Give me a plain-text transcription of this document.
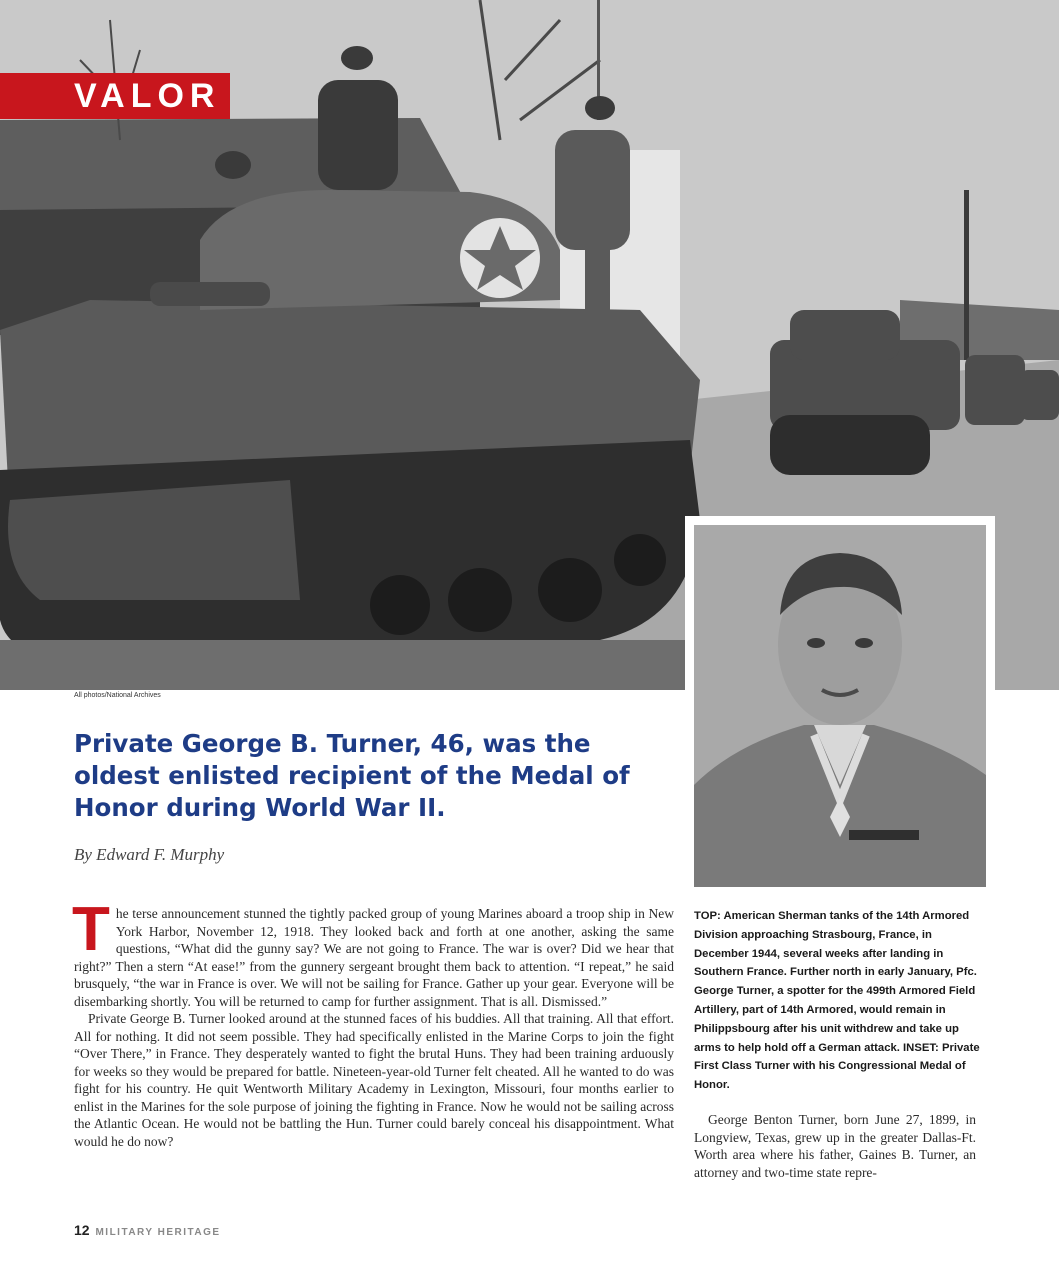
VALOR
All photos/National Archives
Private George B. Turner, 46, was the oldest enlisted recipient of the Medal of Honor during World War II.
By Edward F. Murphy

The terse announcement stunned the tightly packed group of young Marines aboard a troop ship in New York Harbor, November 12, 1918. They looked back and forth at one another, asking the same questions, “What did the gunny say? We are not going to France. The war is over? Did we hear that right?” Then a stern “At ease!” from the gunnery sergeant brought them back to attention. “I repeat,” he said brusquely, “the war in France is over. We will not be sailing for France. Gather up your gear. Everyone will be disembarking shortly. You will be returned to camp for further assignment. That is all. Dismissed.”

Private George B. Turner looked around at the stunned faces of his buddies. All that training. All that effort. All for nothing. It did not seem possible. They had specifically enlisted in the Marine Corps to join the fight “Over There,” in France. They desperately wanted to fight the brutal Huns. They had been training arduously for weeks so they would be prepared for battle. Nineteen-year-old Turner felt cheated. All he wanted to do was fight for his country. He quit Wentworth Military Academy in Lexington, Missouri, four months earlier to enlist in the Marines for the sole purpose of joining the fighting in France. Now he would not be sailing across the Atlantic Ocean. He would not be battling the Hun. Turner could barely conceal his disappointment. What would he do now?

TOP: American Sherman tanks of the 14th Armored Division approaching Strasbourg, France, in December 1944, several weeks after landing in Southern France. Further north in early January, Pfc. George Turner, a spotter for the 499th Armored Field Artillery, part of 14th Armored, would remain in Philippsbourg after his unit withdrew and take up arms to help hold off a German attack. INSET: Private First Class Turner with his Congressional Medal of Honor.

George Benton Turner, born June 27, 1899, in Longview, Texas, grew up in the greater Dallas-Ft. Worth area where his father, Gaines B. Turner, an attorney and two-time state repre-

12 MILITARY HERITAGE
